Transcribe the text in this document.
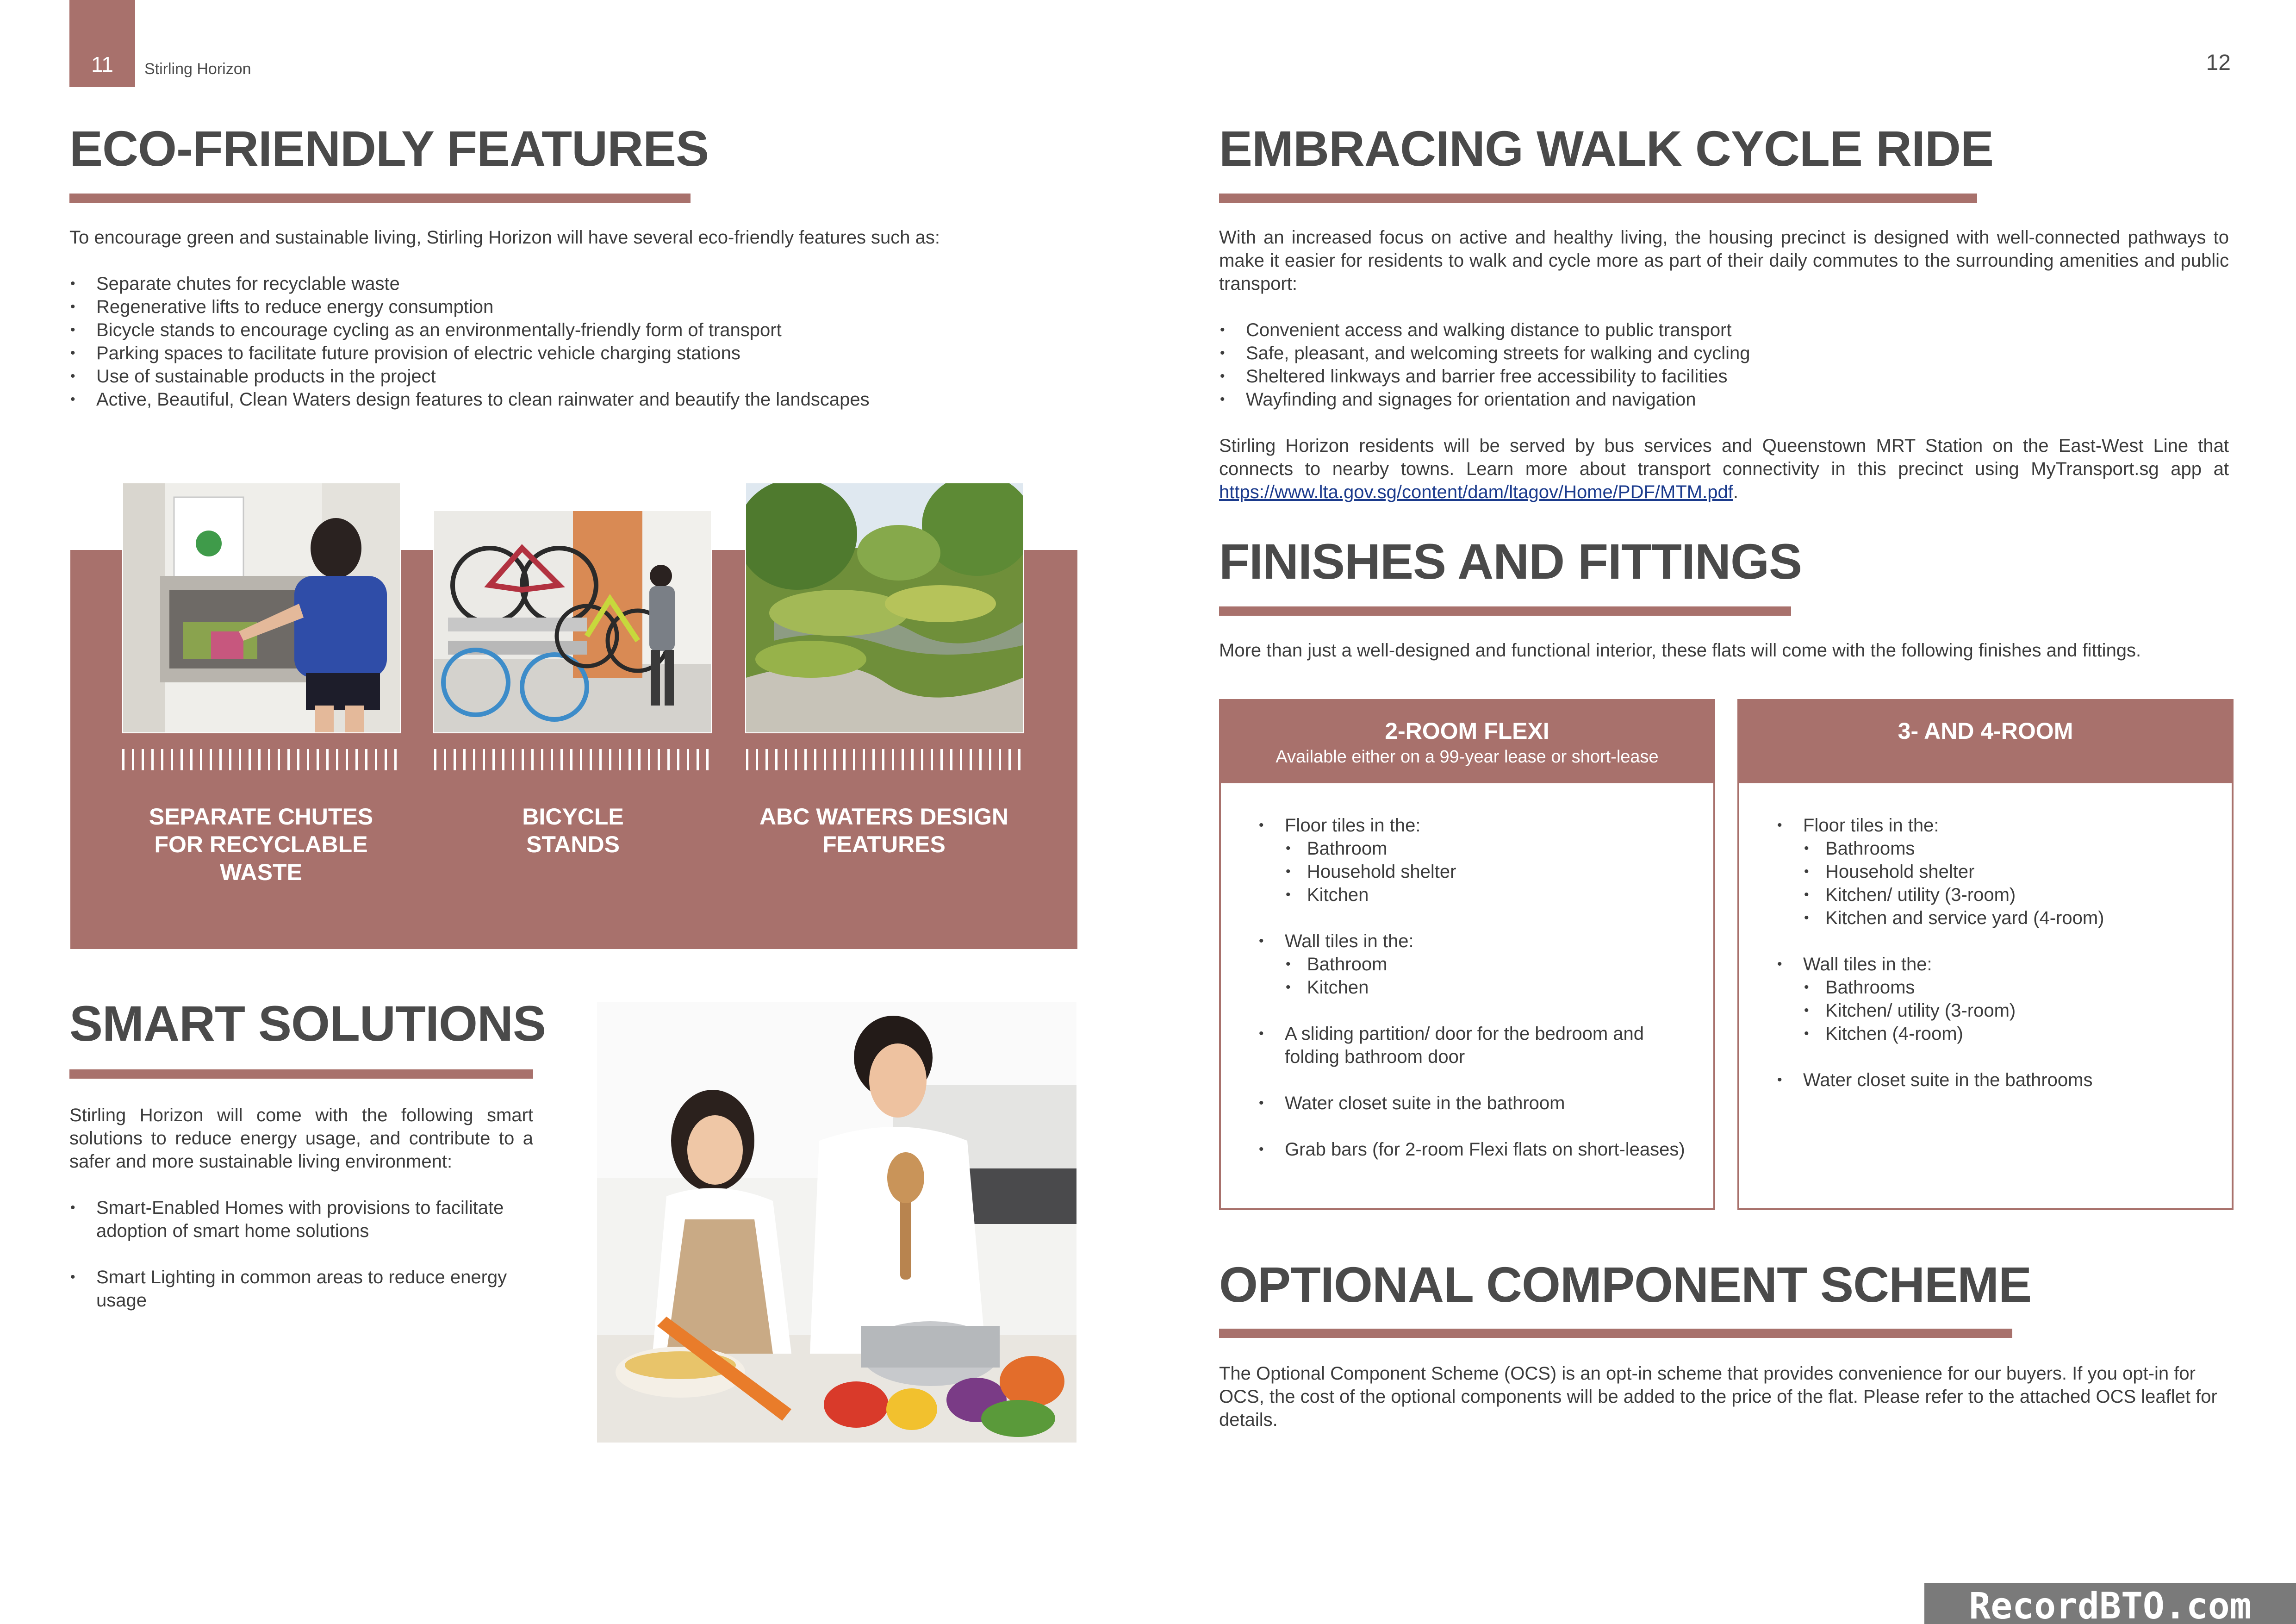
11	Stirling Horizon	12
ECO-FRIENDLY FEATURES
To encourage green and sustainable living, Stirling Horizon will have several eco-friendly features such as:
• Separate chutes for recyclable waste
• Regenerative lifts to reduce energy consumption
• Bicycle stands to encourage cycling as an environmentally-friendly form of transport
• Parking spaces to facilitate future provision of electric vehicle charging stations
• Use of sustainable products in the project
• Active, Beautiful, Clean Waters design features to clean rainwater and beautify the landscapes
SEPARATE CHUTES FOR RECYCLABLE WASTE
BICYCLE STANDS
ABC WATERS DESIGN FEATURES
SMART SOLUTIONS
Stirling Horizon will come with the following smart solutions to reduce energy usage, and contribute to a safer and more sustainable living environment:
• Smart-Enabled Homes with provisions to facilitate adoption of smart home solutions
• Smart Lighting in common areas to reduce energy usage
EMBRACING WALK CYCLE RIDE
With an increased focus on active and healthy living, the housing precinct is designed with well-connected pathways to make it easier for residents to walk and cycle more as part of their daily commutes to the surrounding amenities and public transport:
• Convenient access and walking distance to public transport
• Safe, pleasant, and welcoming streets for walking and cycling
• Sheltered linkways and barrier free accessibility to facilities
• Wayfinding and signages for orientation and navigation
Stirling Horizon residents will be served by bus services and Queenstown MRT Station on the East-West Line that connects to nearby towns. Learn more about transport connectivity in this precinct using MyTransport.sg app at https://www.lta.gov.sg/content/dam/ltagov/Home/PDF/MTM.pdf.
FINISHES AND FITTINGS
More than just a well-designed and functional interior, these flats will come with the following finishes and fittings.
2-ROOM FLEXI
Available either on a 99-year lease or short-lease
• Floor tiles in the:
• Bathroom
• Household shelter
• Kitchen
• Wall tiles in the:
• Bathroom
• Kitchen
• A sliding partition/ door for the bedroom and folding bathroom door
• Water closet suite in the bathroom
• Grab bars (for 2-room Flexi flats on short-leases)
3- AND 4-ROOM
• Floor tiles in the:
• Bathrooms
• Household shelter
• Kitchen/ utility (3-room)
• Kitchen and service yard (4-room)
• Wall tiles in the:
• Bathrooms
• Kitchen/ utility (3-room)
• Kitchen (4-room)
• Water closet suite in the bathrooms
OPTIONAL COMPONENT SCHEME
The Optional Component Scheme (OCS) is an opt-in scheme that provides convenience for our buyers. If you opt-in for OCS, the cost of the optional components will be added to the price of the flat. Please refer to the attached OCS leaflet for details.
RecordBTO.com
